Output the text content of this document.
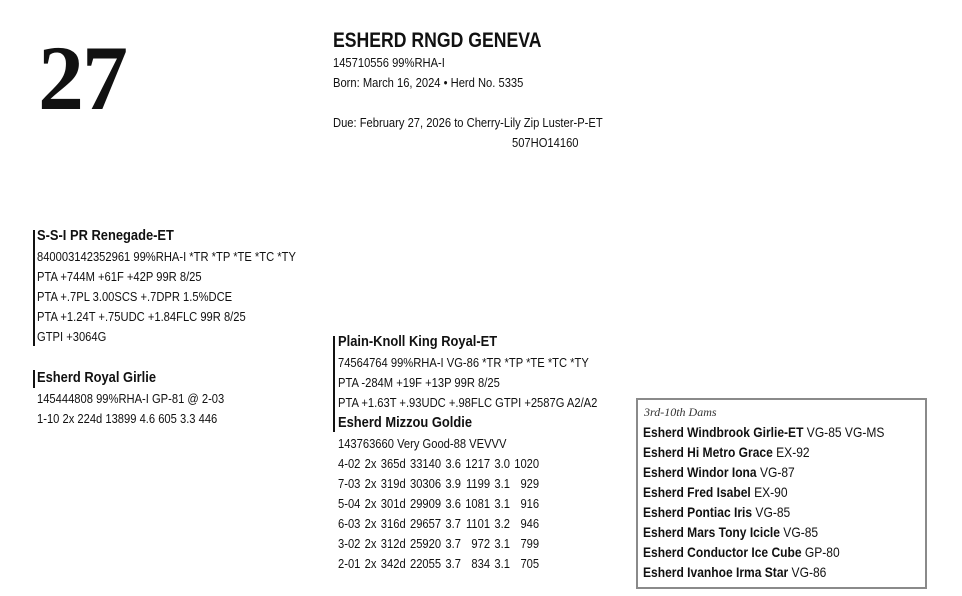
27	ESHERD RNGD GENEVA
145710556 99%RHA-I
Born: March 16, 2024 • Herd No. 5335
Due: February 27, 2026 to Cherry-Lily Zip Luster-P-ET
507HO14160
S-S-I PR Renegade-ET
840003142352961 99%RHA-I *TR *TP *TE *TC *TY
PTA +744M +61F +42P 99R 8/25
PTA +.7PL 3.00SCS +.7DPR 1.5%DCE
PTA +1.24T +.75UDC +1.84FLC 99R 8/25
GTPI +3064G
Esherd Royal Girlie
145444808 99%RHA-I GP-81 @ 2-03
1-10 2x 224d 13899 4.6 605 3.3 446
Plain-Knoll King Royal-ET
74564764 99%RHA-I VG-86 *TR *TP *TE *TC *TY
PTA -284M +19F +13P 99R 8/25
PTA +1.63T +.93UDC +.98FLC GTPI +2587G A2/A2
Esherd Mizzou Goldie
143763660 Very Good-88 VEVVV
4-02	2x	365d	33140	3.6	1217	3.0	1020
7-03	2x	319d	30306	3.9	1199	3.1	929
5-04	2x	301d	29909	3.6	1081	3.1	916
6-03	2x	316d	29657	3.7	1101	3.2	946
3-02	2x	312d	25920	3.7	972	3.1	799
2-01	2x	342d	22055	3.7	834	3.1	705
3rd-10th Dams
Esherd Windbrook Girlie-ET VG-85 VG-MS
Esherd Hi Metro Grace EX-92
Esherd Windor Iona VG-87
Esherd Fred Isabel EX-90
Esherd Pontiac Iris VG-85
Esherd Mars Tony Icicle VG-85
Esherd Conductor Ice Cube GP-80
Esherd Ivanhoe Irma Star VG-86
